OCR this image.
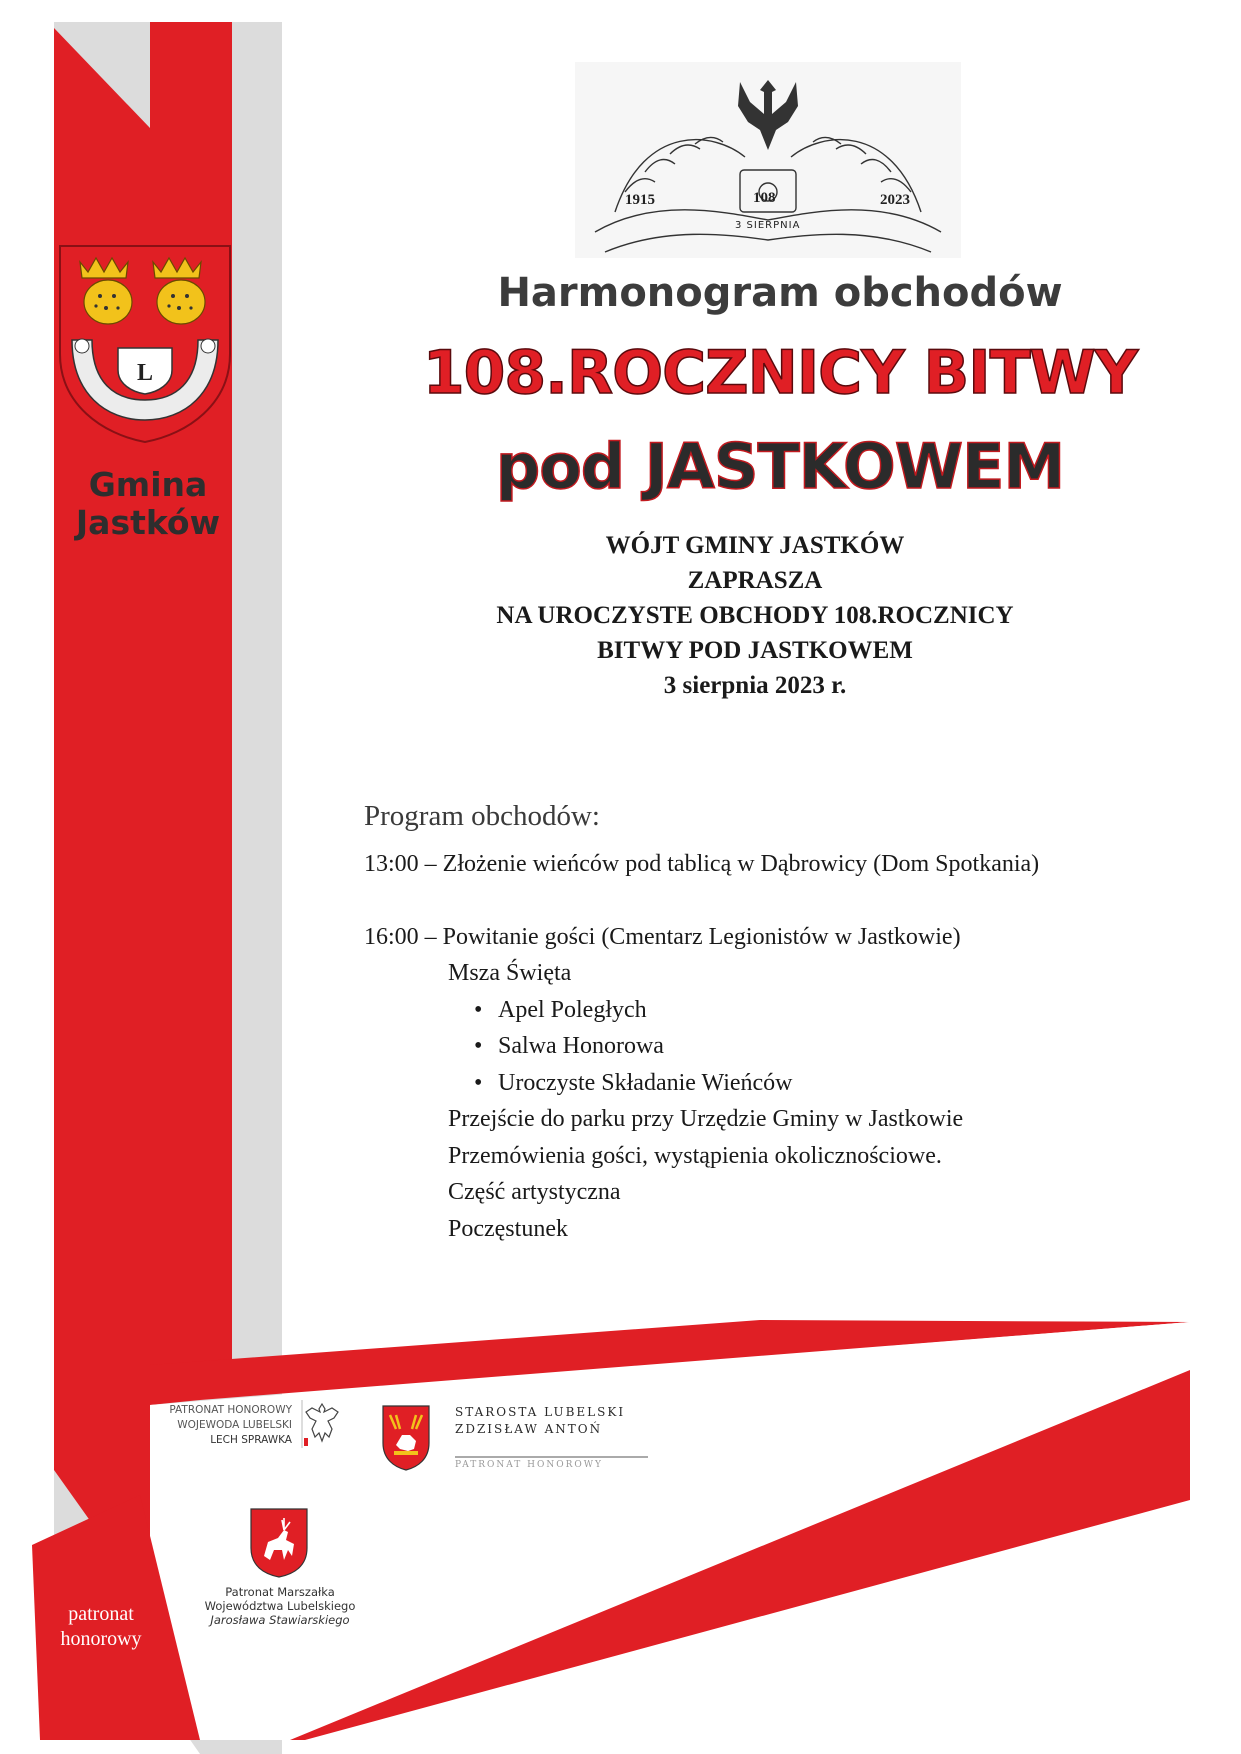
1915	108	2023
3 SIERPNIA
Harmonogram obchodów
108.ROCZNICY BITWY
pod JASTKOWEM
WÓJT GMINY JASTKÓW
ZAPRASZA
NA UROCZYSTE OBCHODY 108.ROCZNICY
BITWY POD JASTKOWEM
3 sierpnia 2023 r.
Program obchodów:
13:00 – Złożenie wieńców pod tablicą w Dąbrowicy (Dom Spotkania)
16:00 – Powitanie gości (Cmentarz Legionistów w Jastkowie)
Msza Święta
• Apel Poległych
• Salwa Honorowa
• Uroczyste Składanie Wieńców
Przejście do parku przy Urzędzie Gminy w Jastkowie
Przemówienia gości, wystąpienia okolicznościowe.
Część artystyczna
Poczęstunek
L
Gmina
Jastków
PATRONAT HONOROWY
WOJEWODA LUBELSKI
LECH SPRAWKA
STAROSTA LUBELSKI
ZDZISŁAW ANTOŃ
PATRONAT HONOROWY
Patronat Marszałka
Województwa Lubelskiego
Jarosława Stawiarskiego
patronat
honorowy
